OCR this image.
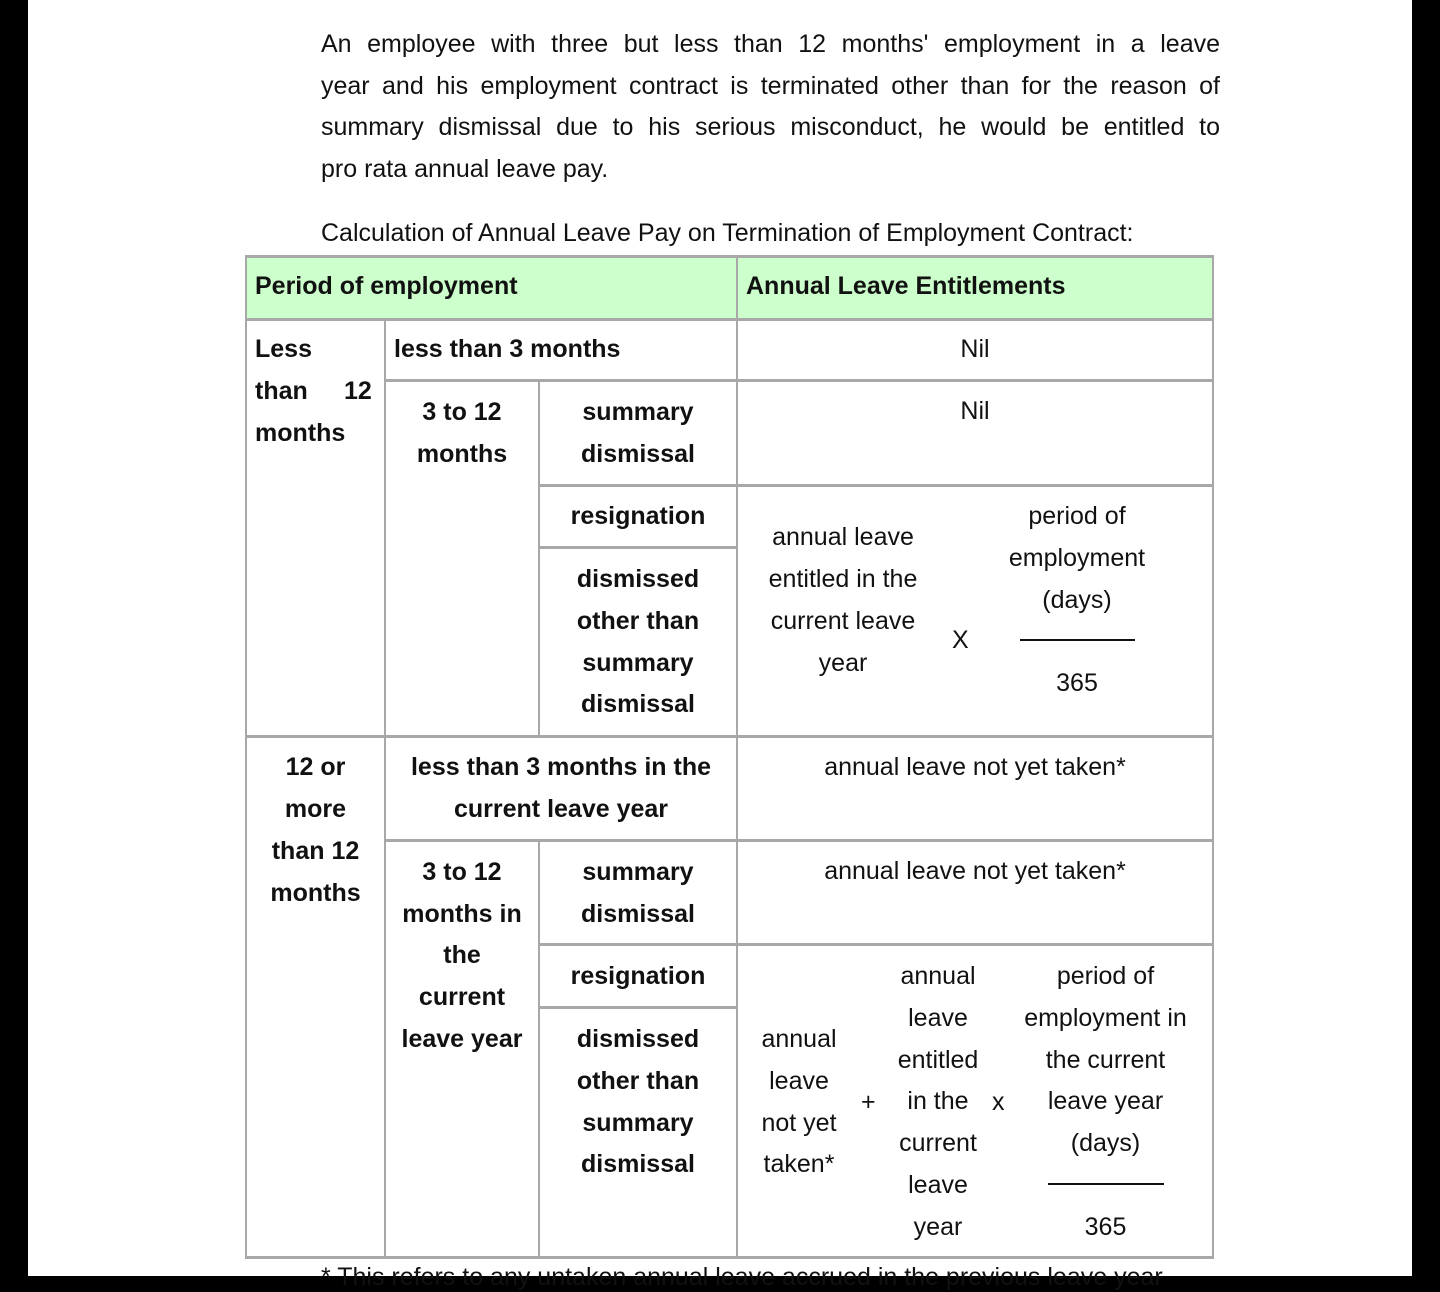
An employee with three but less than 12 months' employment in a leave
year and his employment contract is terminated other than for the reason of
summary dismissal due to his serious misconduct, he would be entitled to
pro rata annual leave pay.
Calculation of Annual Leave Pay on Termination of Employment Contract:
Period of employment	Annual Leave Entitlements
Less
than 12
months
less than 3 months	Nil
3 to 12
months
summary
dismissal
Nil
resignation
dismissed
other than
summary
dismissal
annual leave
entitled in the
current leave
year
X
period of
employment
(days)
365
12 or
more
than 12
months
less than 3 months in the
current leave year
annual leave not yet taken*
3 to 12
months in
the
current
leave year
summary
dismissal
annual leave not yet taken*
resignation
dismissed
other than
summary
dismissal
annual
leave
not yet
taken*
+
annual
leave
entitled
in the
current
leave
year
x
period of
employment in
the current
leave year
(days)
365
* This refers to any untaken annual leave accrued in the previous leave year
